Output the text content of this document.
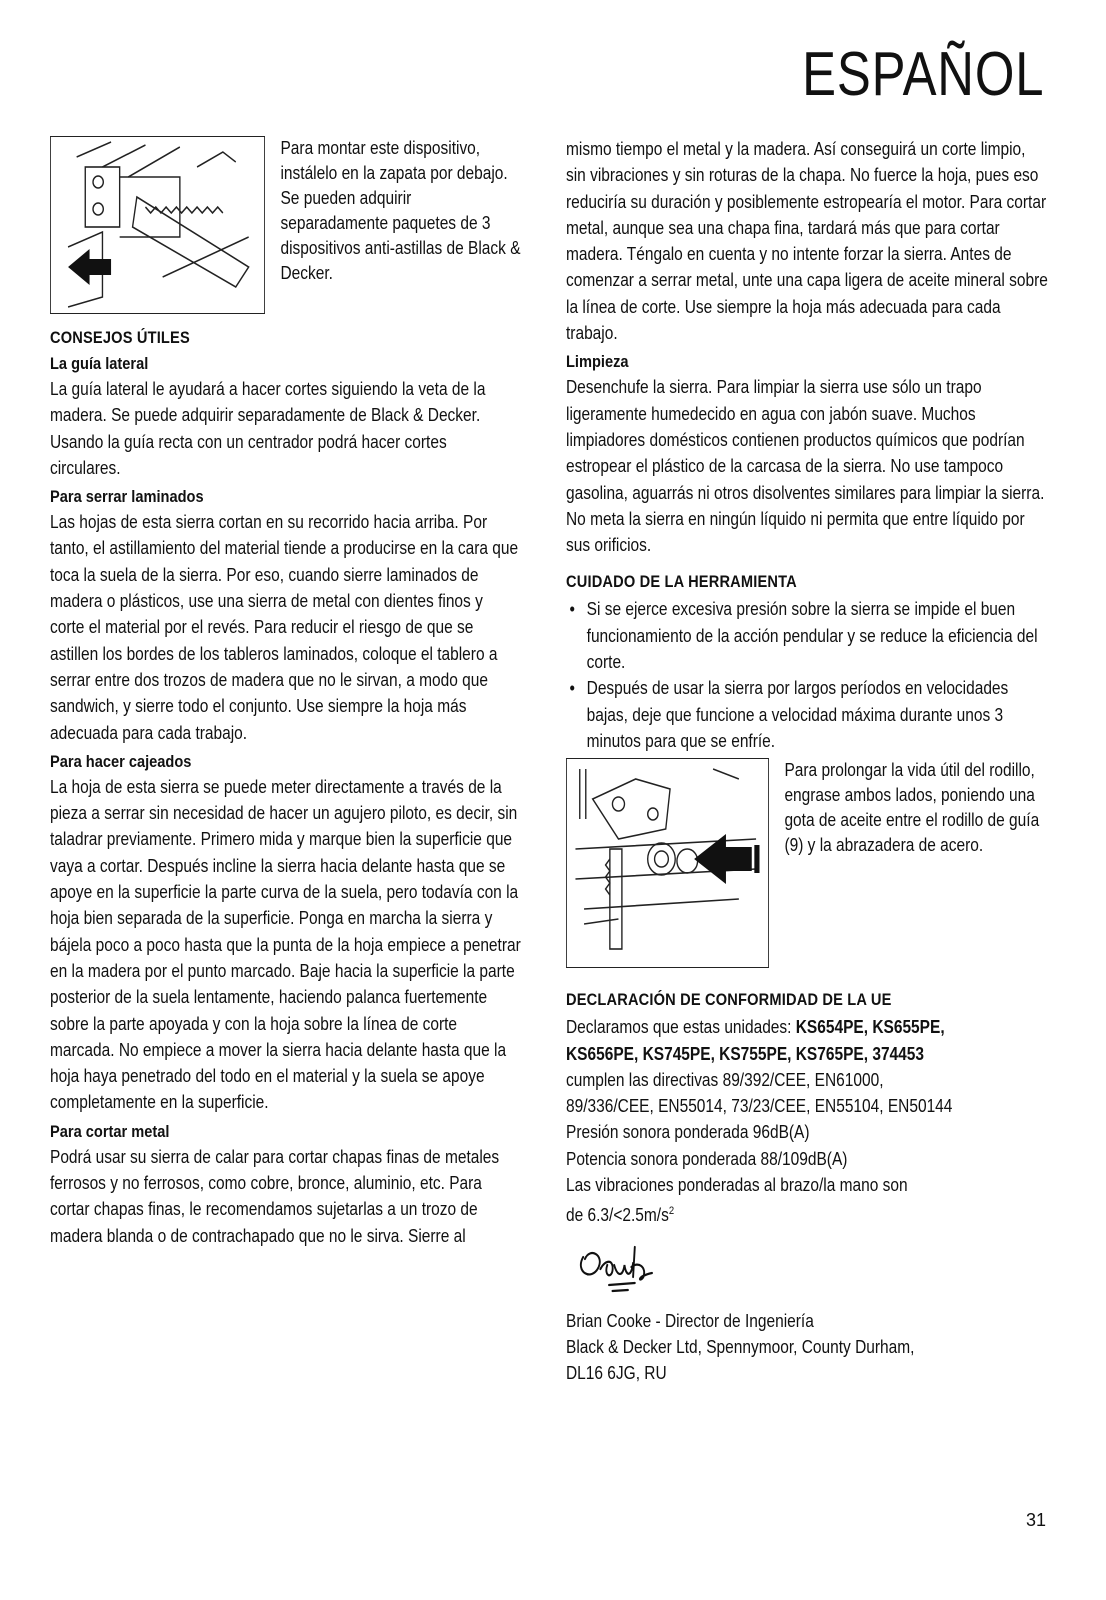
ESPAÑOL

Para montar este dispositivo, instálelo en la zapata por debajo. Se pueden adquirir separadamente paquetes de 3 dispositivos anti-astillas de Black & Decker.

CONSEJOS ÚTILES
La guía lateral

La guía lateral le ayudará a hacer cortes siguiendo la veta de la madera. Se puede adquirir separadamente de Black & Decker. Usando la guía recta con un centrador podrá hacer cortes circulares.

Para serrar laminados

Las hojas de esta sierra cortan en su recorrido hacia arriba. Por tanto, el astillamiento del material tiende a producirse en la cara que toca la suela de la sierra. Por eso, cuando sierre laminados de madera o plásticos, use una sierra de metal con dientes finos y corte el material por el revés. Para reducir el riesgo de que se astillen los bordes de los tableros laminados, coloque el tablero a serrar entre dos trozos de madera que no le sirvan, a modo que sandwich, y sierre todo el conjunto. Use siempre la hoja más adecuada para cada trabajo.

Para hacer cajeados

La hoja de esta sierra se puede meter directamente a través de la pieza a serrar sin necesidad de hacer un agujero piloto, es decir, sin taladrar previamente. Primero mida y marque bien la superficie que vaya a cortar. Después incline la sierra hacia delante hasta que se apoye en la superficie la parte curva de la suela, pero todavía con la hoja bien separada de la superficie. Ponga en marcha la sierra y bájela poco a poco hasta que la punta de la hoja empiece a penetrar en la madera por el punto marcado. Baje hacia la superficie la parte posterior de la suela lentamente, haciendo palanca fuertemente sobre la parte apoyada y con la hoja sobre la línea de corte marcada. No empiece a mover la sierra hacia delante hasta que la hoja haya penetrado del todo en el material y la suela se apoye completamente en la superficie.

Para cortar metal

Podrá usar su sierra de calar para cortar chapas finas de metales ferrosos y no ferrosos, como cobre, bronce, aluminio, etc. Para cortar chapas finas, le recomendamos sujetarlas a un trozo de madera blanda o de contrachapado que no le sirva. Sierre al

mismo tiempo el metal y la madera. Así conseguirá un corte limpio, sin vibraciones y sin roturas de la chapa. No fuerce la hoja, pues eso reduciría su duración y posiblemente estropearía el motor. Para cortar metal, aunque sea una chapa fina, tardará más que para cortar madera. Téngalo en cuenta y no intente forzar la sierra. Antes de comenzar a serrar metal, unte una capa ligera de aceite mineral sobre la línea de corte. Use siempre la hoja más adecuada para cada trabajo.

Limpieza

Desenchufe la sierra. Para limpiar la sierra use sólo un trapo ligeramente humedecido en agua con jabón suave. Muchos limpiadores domésticos contienen productos químicos que podrían estropear el plástico de la carcasa de la sierra. No use tampoco gasolina, aguarrás ni otros disolventes similares para limpiar la sierra. No meta la sierra en ningún líquido ni permita que entre líquido por sus orificios.

CUIDADO DE LA HERRAMIENTA
• Si se ejerce excesiva presión sobre la sierra se impide el buen funcionamiento de la acción pendular y se reduce la eficiencia del corte.
• Después de usar la sierra por largos períodos en velocidades bajas, deje que funcione a velocidad máxima durante unos 3 minutos para que se enfríe.

Para prolongar la vida útil del rodillo, engrase ambos lados, poniendo una gota de aceite entre el rodillo de guía (9) y la abrazadera de acero.

DECLARACIÓN DE CONFORMIDAD DE LA UE

Declaramos que estas unidades: KS654PE, KS655PE,

KS656PE, KS745PE, KS755PE, KS765PE, 374453

cumplen las directivas 89/392/CEE, EN61000,

89/336/CEE, EN55014, 73/23/CEE, EN55104, EN50144

Presión sonora ponderada 96dB(A)

Potencia sonora ponderada 88/109dB(A)

Las vibraciones ponderadas al brazo/la mano son

de $6.3/<2.5m/s^2$

Brian Cooke - Director de Ingeniería

Black & Decker Ltd, Spennymoor, County Durham,

DL16 6JG, RU

31
